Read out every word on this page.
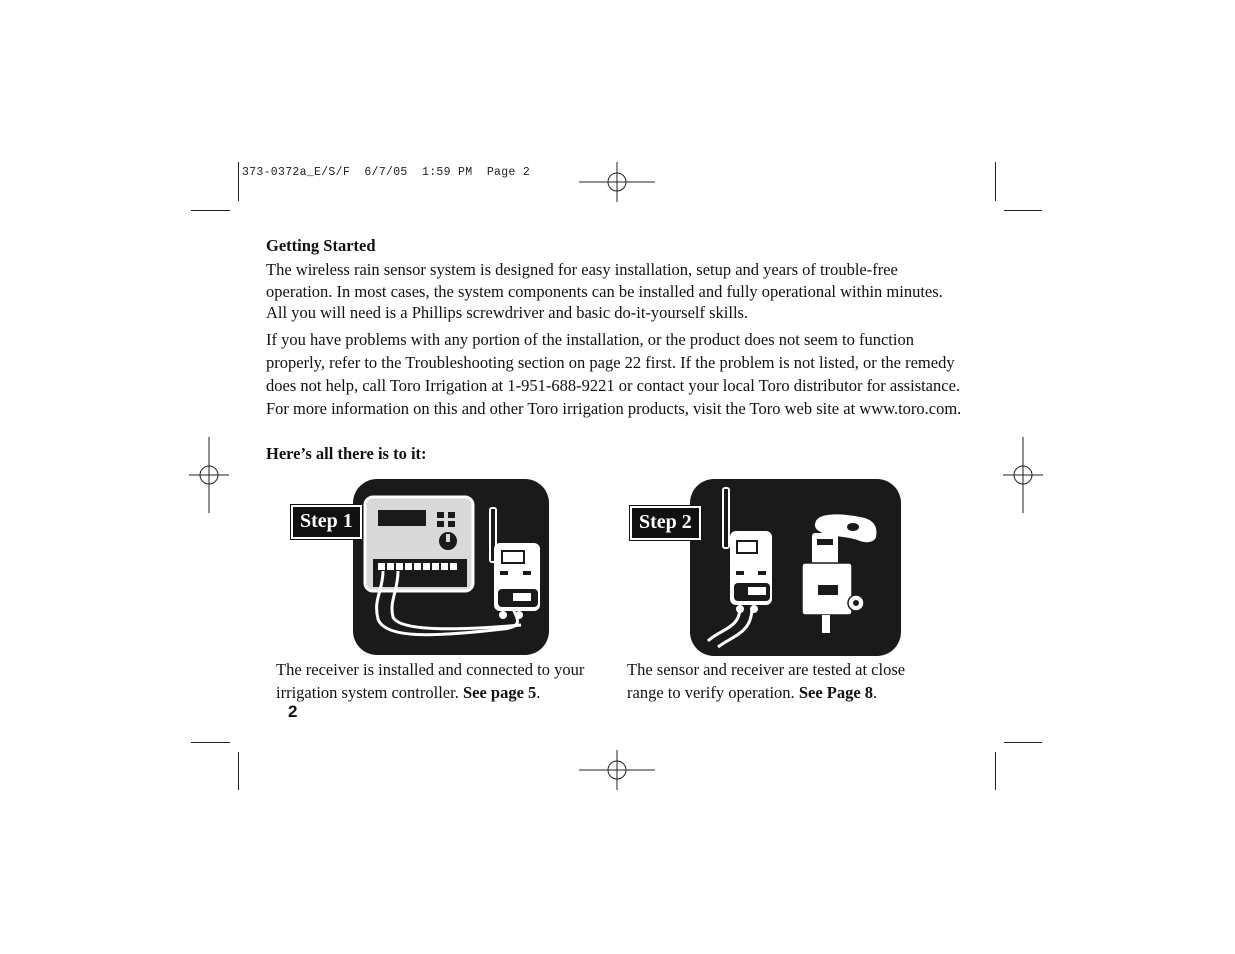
373-0372a_E/S/F  6/7/05  1:59 PM  Page 2
Getting Started
The wireless rain sensor system is designed for easy installation, setup and years of trouble-free operation. In most cases, the system components can be installed and fully operational within minutes. All you will need is a Phillips screwdriver and basic do-it-yourself skills.
If you have problems with any portion of the installation, or the product does not seem to function properly, refer to the Troubleshooting section on page 22 first. If the problem is not listed, or the remedy does not help, call Toro Irrigation at 1-951-688-9221 or contact your local Toro distributor for assistance. For more information on this and other Toro irrigation products, visit the Toro web site at www.toro.com.
Here’s all there is to it:
Step 1	Step 2
The receiver is installed and connected to your irrigation system controller. See page 5.
The sensor and receiver are tested at close range to verify operation. See Page 8.
2
